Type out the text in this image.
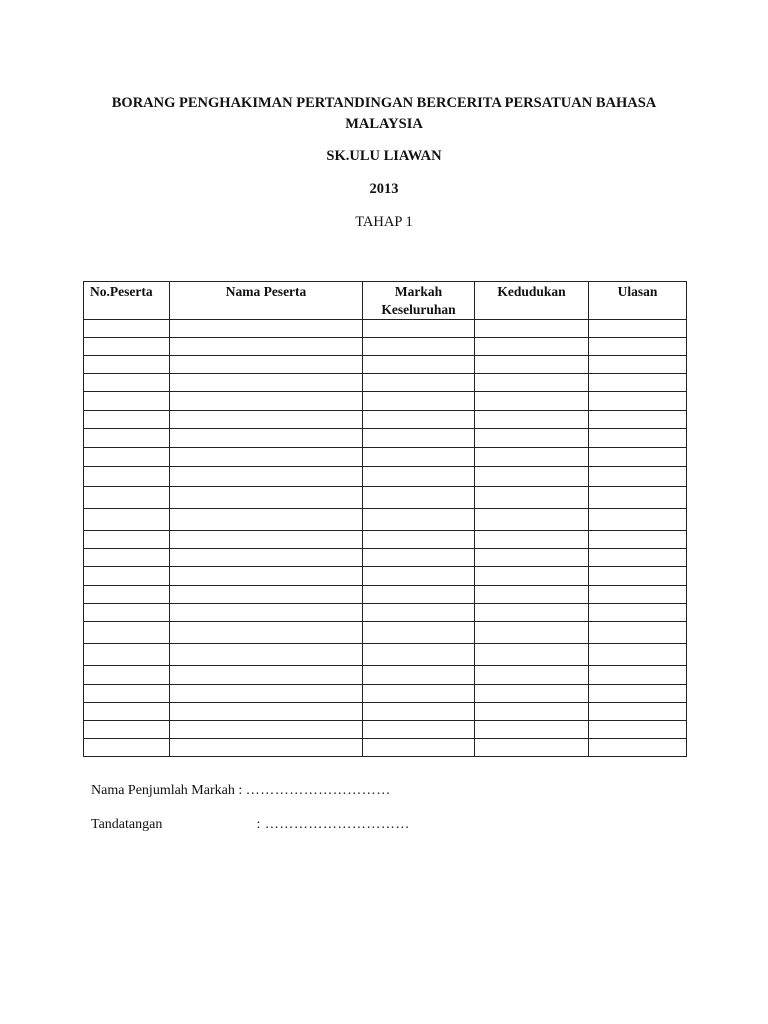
BORANG PENGHAKIMAN PERTANDINGAN BERCERITA PERSATUAN BAHASA
MALAYSIA
SK.ULU LIAWAN
2013
TAHAP 1
No.Peserta	Nama Peserta	Markah Keseluruhan	Kedudukan	Ulasan

Nama Penjumlah Markah : …………………………
Tandatangan	: …………………………
